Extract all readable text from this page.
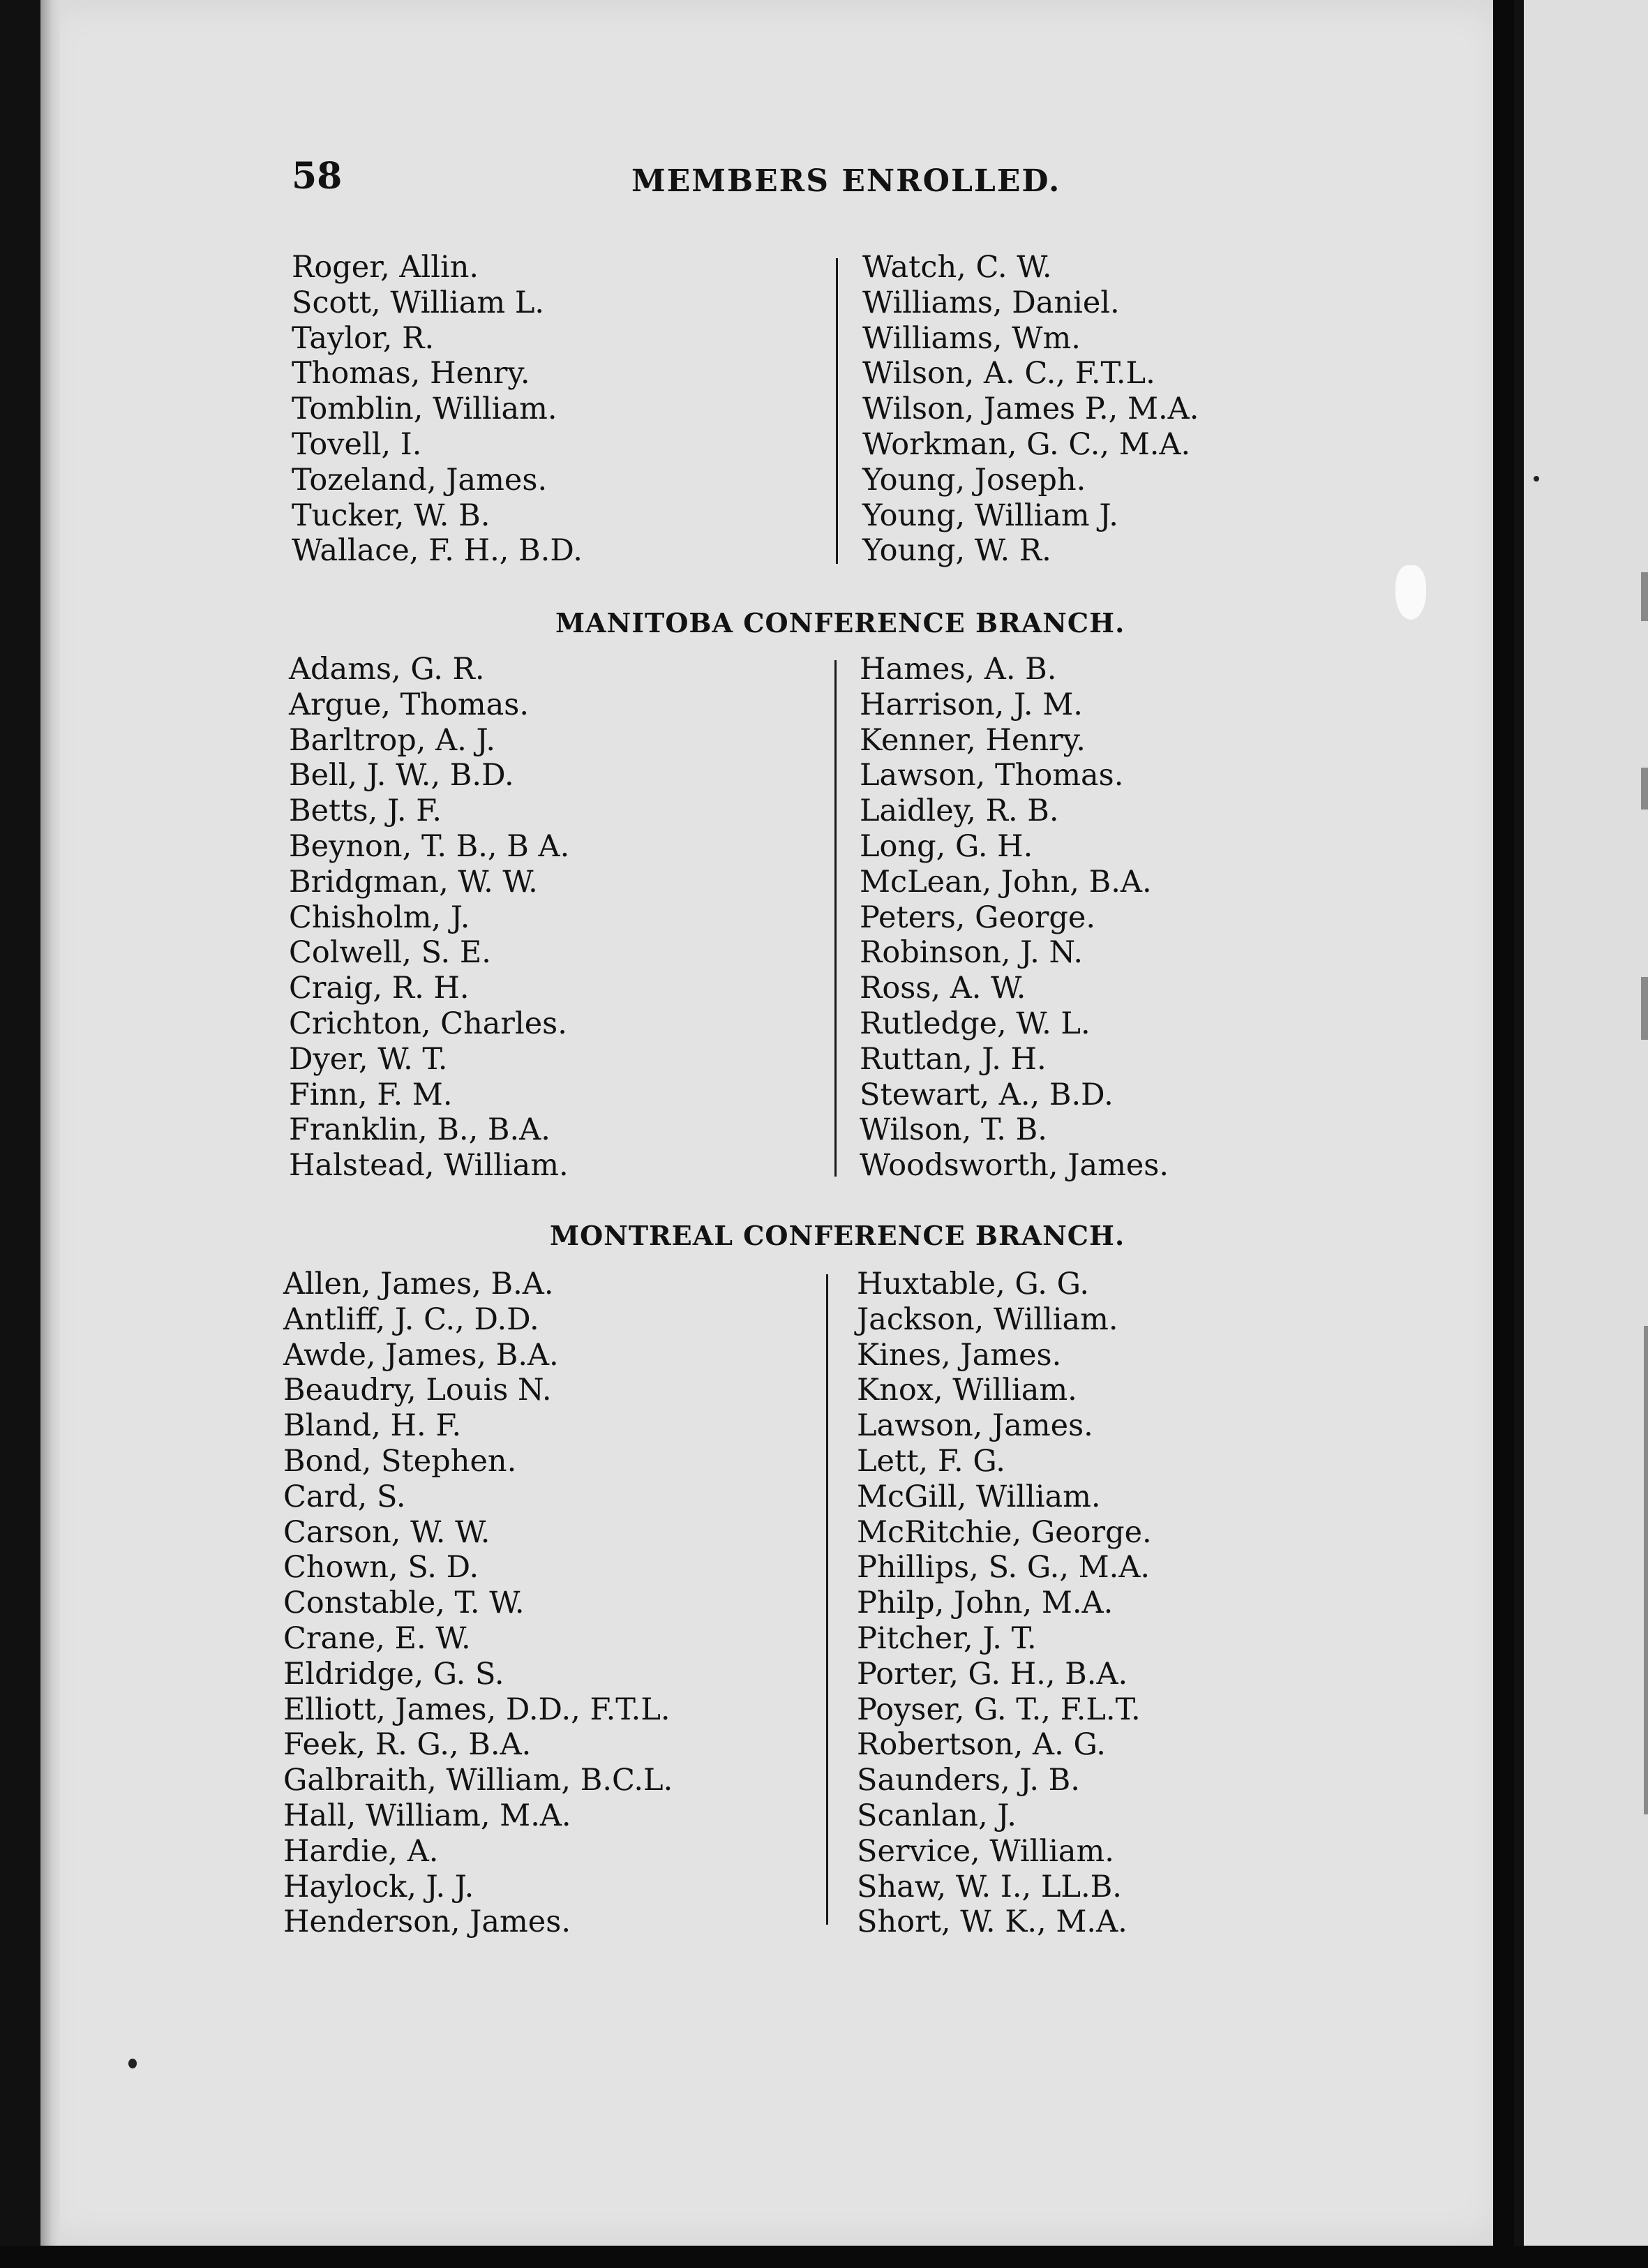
58	MEMBERS ENROLLED.
Roger, Allin.
Scott, William L.
Taylor, R.
Thomas, Henry.
Tomblin, William.
Tovell, I.
Tozeland, James.
Tucker, W. B.
Wallace, F. H., B.D.
Watch, C. W.
Williams, Daniel.
Williams, Wm.
Wilson, A. C., F.T.L.
Wilson, James P., M.A.
Workman, G. C., M.A.
Young, Joseph.
Young, William J.
Young, W. R.
MANITOBA CONFERENCE BRANCH.
Adams, G. R.
Argue, Thomas.
Barltrop, A. J.
Bell, J. W., B.D.
Betts, J. F.
Beynon, T. B., B A.
Bridgman, W. W.
Chisholm, J.
Colwell, S. E.
Craig, R. H.
Crichton, Charles.
Dyer, W. T.
Finn, F. M.
Franklin, B., B.A.
Halstead, William.
Hames, A. B.
Harrison, J. M.
Kenner, Henry.
Lawson, Thomas.
Laidley, R. B.
Long, G. H.
McLean, John, B.A.
Peters, George.
Robinson, J. N.
Ross, A. W.
Rutledge, W. L.
Ruttan, J. H.
Stewart, A., B.D.
Wilson, T. B.
Woodsworth, James.
MONTREAL CONFERENCE BRANCH.
Allen, James, B.A.
Antliff, J. C., D.D.
Awde, James, B.A.
Beaudry, Louis N.
Bland, H. F.
Bond, Stephen.
Card, S.
Carson, W. W.
Chown, S. D.
Constable, T. W.
Crane, E. W.
Eldridge, G. S.
Elliott, James, D.D., F.T.L.
Feek, R. G., B.A.
Galbraith, William, B.C.L.
Hall, William, M.A.
Hardie, A.
Haylock, J. J.
Henderson, James.
Huxtable, G. G.
Jackson, William.
Kines, James.
Knox, William.
Lawson, James.
Lett, F. G.
McGill, William.
McRitchie, George.
Phillips, S. G., M.A.
Philp, John, M.A.
Pitcher, J. T.
Porter, G. H., B.A.
Poyser, G. T., F.L.T.
Robertson, A. G.
Saunders, J. B.
Scanlan, J.
Service, William.
Shaw, W. I., LL.B.
Short, W. K., M.A.
